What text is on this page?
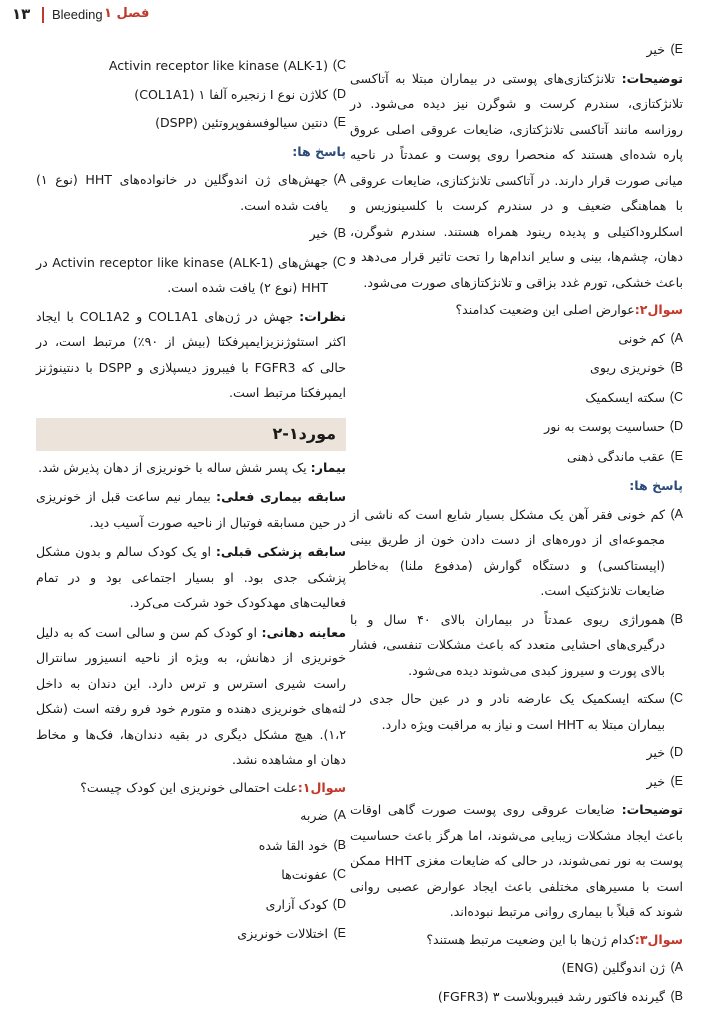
۱۳ Bleeding فصل ۱
E)
خیر

توضیحات: تلانژکتازی‌های پوستی در بیماران مبتلا به آتاکسی تلانژکتازی، سندرم کرست و شوگرن نیز دیده می‌شود. در روزاسه مانند آتاکسی تلانژکتازی، ضایعات عروقی اصلی عروق پاره شده‌ای هستند که منحصرا روی پوست و عمدتاً در ناحیه میانی صورت قرار دارند. در آتاکسی تلانژکتازی، ضایعات عروقی با هماهنگی ضعیف و در سندرم کرست با کلسینوزیس و اسکلروداکتیلی و پدیده رینود همراه هستند. سندرم شوگرن، دهان، چشم‌ها، بینی و سایر اندام‌ها را تحت تاثیر قرار می‌دهد و باعث خشکی، تورم غدد بزاقی و تلانژکتازهای صورت می‌شود.

سوال۲:عوارض اصلی این وضعیت کدامند؟

A)
کم خونی
B)
خونریزی ریوی
C)
سکته ایسکمیک
D)
حساسیت پوست به نور
E)
عقب ماندگی ذهنی
پاسخ ها:
A)
کم خونی فقر آهن یک مشکل بسیار شایع است که ناشی از مجموعه‌ای از دوره‌های از دست دادن خون از طریق بینی (اپیستاکسی) و دستگاه گوارش (مدفوع ملنا) به‌خاطر ضایعات تلانژکتیک است.
B)
هموراژی ریوی عمدتاً در بیماران بالای ۴۰ سال و با درگیری‌های احشایی متعدد که باعث مشکلات تنفسی، فشار بالای پورت و سیروز کبدی می‌شوند دیده می‌شود.
C)
سکته ایسکمیک یک عارضه نادر و در عین حال جدی در بیماران مبتلا به HHT است و نیاز به مراقبت ویژه دارد.
D)
خیر
E)
خیر

توضیحات: ضایعات عروقی روی پوست صورت گاهی اوقات باعث ایجاد مشکلات زیبایی می‌شوند، اما هرگز باعث حساسیت پوست به نور نمی‌شوند، در حالی که ضایعات مغزی HHT ممکن است با مسیرهای مختلفی باعث ایجاد عوارض عصبی روانی شوند که قبلاً با بیماری روانی مرتبط نبوده‌اند.

سوال۳:کدام ژن‌ها با این وضعیت مرتبط هستند؟

A)
ژن اندوگلین (ENG)
B)
گیرنده فاکتور رشد فیبروبلاست ۳ (FGFR3)
C)
Activin receptor like kinase (ALK-1)
D)
کلاژن نوع I زنجیره آلفا ۱ (COL1A1)
E)
دنتین سیالوفسفوپروتئین (DSPP)
پاسخ ها:
A)
جهش‌های ژن اندوگلین در خانواده‌های HHT (نوع ۱) یافت شده است.
B)
خیر
C)
جهش‌های Activin receptor like kinase (ALK-1) در HHT (نوع ۲) یافت شده است.

نظرات: جهش در ژن‌های COL1A1 و COL1A2 با ایجاد اکثر استئوژنزیزایمپرفکتا (بیش از ۹۰٪) مرتبط است، در حالی که FGFR3 با فیبروز دیسپلازی و DSPP با دنتینوژنز ایمپرفکتا مرتبط است.

مورد۱-۲

بیمار: یک پسر شش ساله با خونریزی از دهان پذیرش شد.

سابقه بیماری فعلی: بیمار نیم ساعت قبل از خونریزی در حین مسابقه فوتبال از ناحیه صورت آسیب دید.

سابقه پزشکی قبلی: او یک کودک سالم و بدون مشکل پزشکی جدی بود. او بسیار اجتماعی بود و در تمام فعالیت‌های مهدکودک خود شرکت می‌کرد.

معاینه دهانی: او کودک کم سن و سالی است که به دلیل خونریزی از دهانش، به ویژه از ناحیه انسیزور سانترال راست شیری استرس و ترس دارد. این دندان به داخل لثه‌های خونریزی دهنده و متورم خود فرو رفته است (شکل ۱،۲). هیچ مشکل دیگری در بقیه دندان‌ها، فک‌ها و مخاط دهان او مشاهده نشد.

سوال۱:علت احتمالی خونریزی این کودک چیست؟

A)
ضربه
B)
خود القا شده
C)
عفونت‌ها
D)
کودک آزاری
E)
اختلالات خونریزی
